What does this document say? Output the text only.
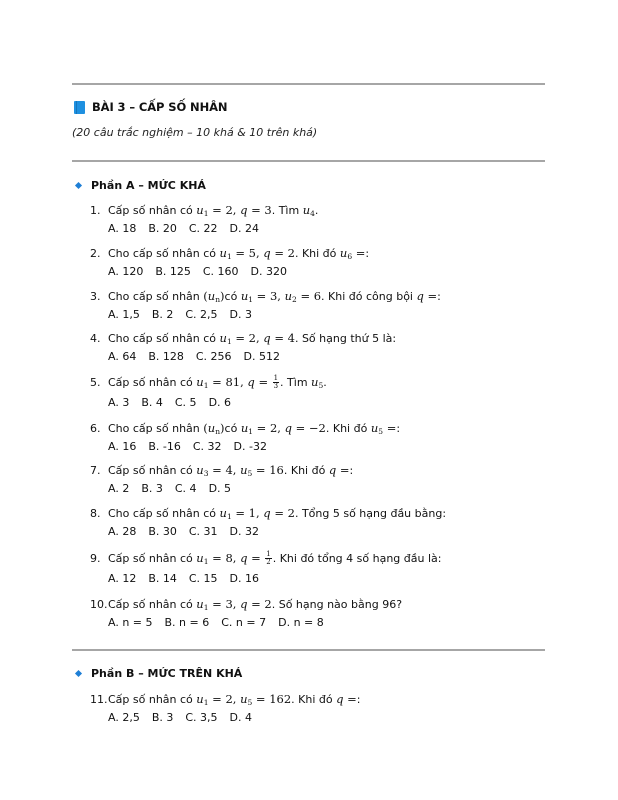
BÀI 3 – CẤP SỐ NHÂN
(20 câu trắc nghiệm – 10 khá & 10 trên khá)
Phần A – MỨC KHÁ
1. Cấp số nhân có $u_1 = 2$, q = 3. Tìm $u_4$.
A. 18 B. 20 C. 22 D. 24
2. Cho cấp số nhân có $u_1 = 5$, q = 2. Khi đó $u_6$ =:
A. 120 B. 125 C. 160 D. 320
3. Cho cấp số nhân $(u_n)có$ $u_1 = 3$, $u_2 = 6$. Khi đó công bội q =:
A. 1,5 B. 2 C. 2,5 D. 3
4. Cho cấp số nhân có $u_1 = 2$, q = 4. Số hạng thứ 5 là:
A. 64 B. 128 C. 256 D. 512
5. Cấp số nhân có $u_1 = 81$, $q = \frac{1}{3}$ . Tìm $u_5$.
A. 3 B. 4 C. 5 D. 6
6. Cho cấp số nhân $(u_n)có$ $u_1 = 2$, q = −2. Khi đó $u_5$ =:
A. 16 B. -16 C. 32 D. -32
7. Cấp số nhân có $u_3 = 4$, $u_5 = 16$. Khi đó q =:
A. 2 B. 3 C. 4 D. 5
8. Cho cấp số nhân có $u_1 = 1$, q = 2. Tổng 5 số hạng đầu bằng:
A. 28 B. 30 C. 31 D. 32
9. Cấp số nhân có $u_1 = 8$, $q = \frac{1}{2}$ . Khi đó tổng 4 số hạng đầu là:
A. 12 B. 14 C. 15 D. 16
10. Cấp số nhân có $u_1 = 3$, q = 2. Số hạng nào bằng 96?
A. n = 5 B. n = 6 C. n = 7 D. n = 8
Phần B – MỨC TRÊN KHÁ
11. Cấp số nhân có $u_1 = 2$, $u_5 = 162$. Khi đó q =:
A. 2,5 B. 3 C. 3,5 D. 4
